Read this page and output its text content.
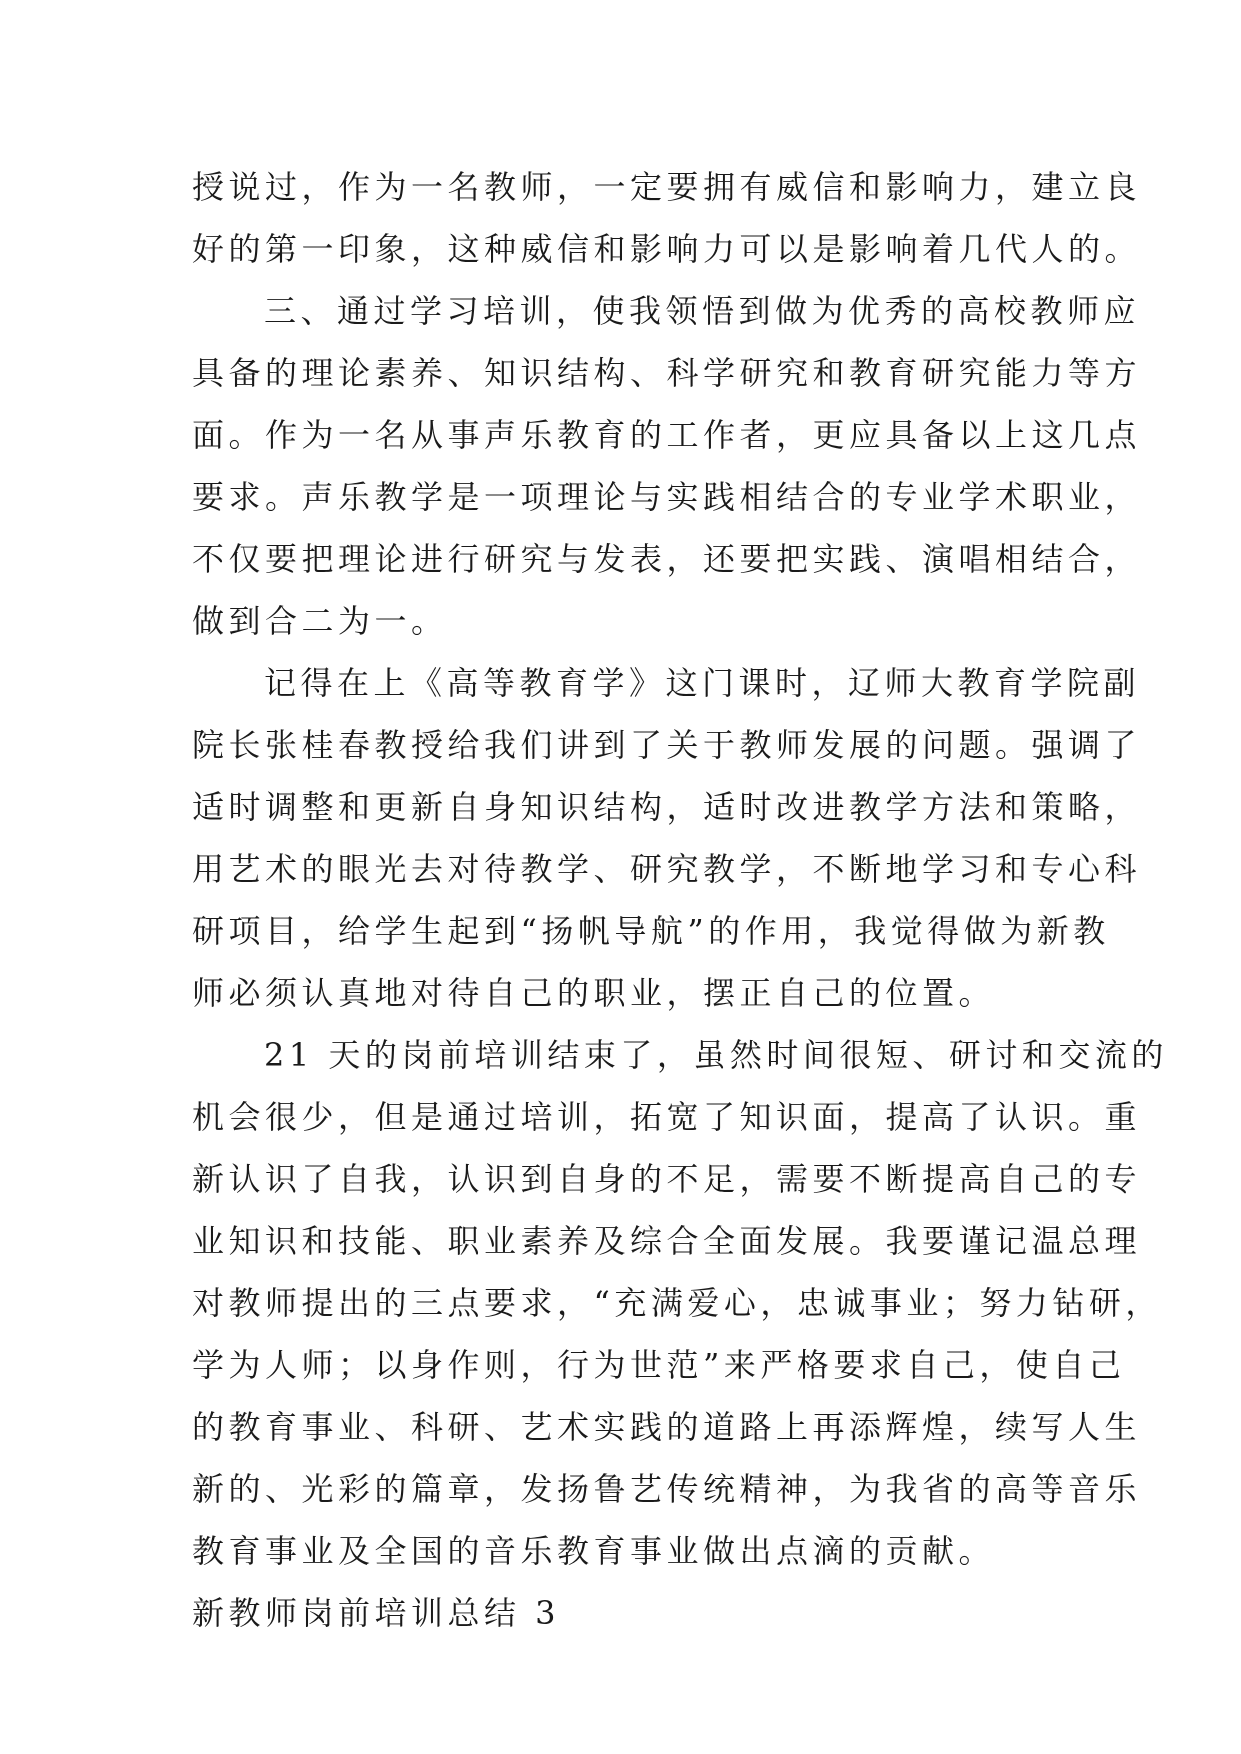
授说过，作为一名教师，一定要拥有威信和影响力，建立良
好的第一印象，这种威信和影响力可以是影响着几代人的。
三、通过学习培训，使我领悟到做为优秀的高校教师应
具备的理论素养、知识结构、科学研究和教育研究能力等方
面。作为一名从事声乐教育的工作者，更应具备以上这几点
要求。声乐教学是一项理论与实践相结合的专业学术职业，
不仅要把理论进行研究与发表，还要把实践、演唱相结合，
做到合二为一。
记得在上《高等教育学》这门课时，辽师大教育学院副
院长张桂春教授给我们讲到了关于教师发展的问题。强调了
适时调整和更新自身知识结构，适时改进教学方法和策略，
用艺术的眼光去对待教学、研究教学，不断地学习和专心科
研项目，给学生起到“扬帆导航”的作用，我觉得做为新教
师必须认真地对待自己的职业，摆正自己的位置。
21 天的岗前培训结束了，虽然时间很短、研讨和交流的
机会很少，但是通过培训，拓宽了知识面，提高了认识。重
新认识了自我，认识到自身的不足，需要不断提高自己的专
业知识和技能、职业素养及综合全面发展。我要谨记温总理
对教师提出的三点要求，“充满爱心，忠诚事业；努力钻研，
学为人师；以身作则，行为世范”来严格要求自己，使自己
的教育事业、科研、艺术实践的道路上再添辉煌，续写人生
新的、光彩的篇章，发扬鲁艺传统精神，为我省的高等音乐
教育事业及全国的音乐教育事业做出点滴的贡献。
新教师岗前培训总结 3
